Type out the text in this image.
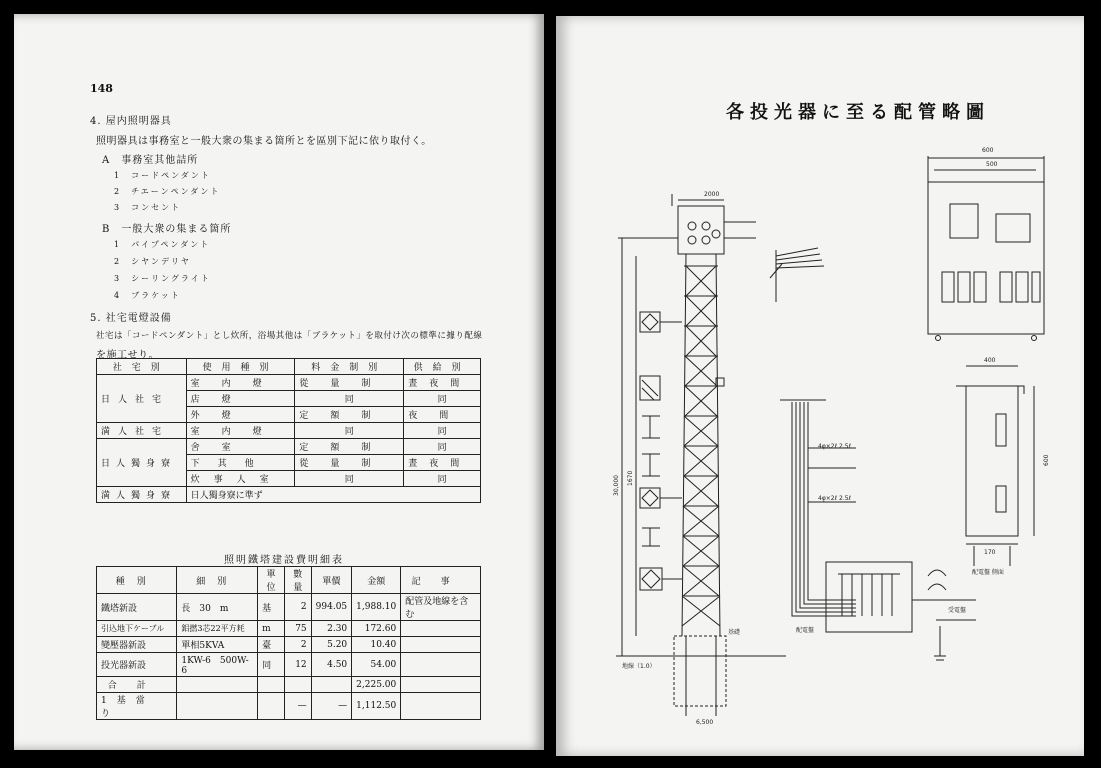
148
4. 屋内照明器具
照明器具は事務室と一般大衆の集まる箇所とを區別下記に依り取付く。
A　事務室其他詰所
1　コードペンダント
2　チエーンペンダント
3　コンセント
B　一般大衆の集まる箇所
1　パイプペンダント
2　シヤンデリヤ
3　シーリングライト
4　ブラケット
5. 社宅電燈設備
社宅は「コードペンダント」とし炊所，浴場其他は「ブラケット」を取付け次の標準に據り配線
を施工せり。
社宅別	使用種別	料金制別	供給別
日人社宅	室内燈	從量制	晝夜間
	店燈	同	同
	外燈	定額制	夜間
満人社宅	室内燈	同	同
日人獨身寮	舍室	定額制	同
	下其他	從量制	晝夜間
	炊事人室	同	同
満人獨身寮	日人獨身寮に準ず		
照明鐵塔建設費明細表
種別	細別	單位	數量	單價	金額	記事
鐵塔新設	長　30　m	基	2	994.05	1,988.10	配管及地線を含む
引込地下ケーブル	鋁撚3芯22平方耗	m	75	2.30	172.60	
變壓器新設	單相5KVA	臺	2	5.20	10.40	
投光器新設	1KW-6　500W-6	同	12	4.50	54.00	
合計					2,225.00	
1基當り			—	—	1,112.50	
各投光器に至る配管略圖
2000
30,000 1670
6,500
地線（1.0）
基礎	配電盤
600
500
400
600
170
配電盤 側面
4φ×2ℓ 2.5ℓ
4φ×2ℓ 2.5ℓ
受電盤
